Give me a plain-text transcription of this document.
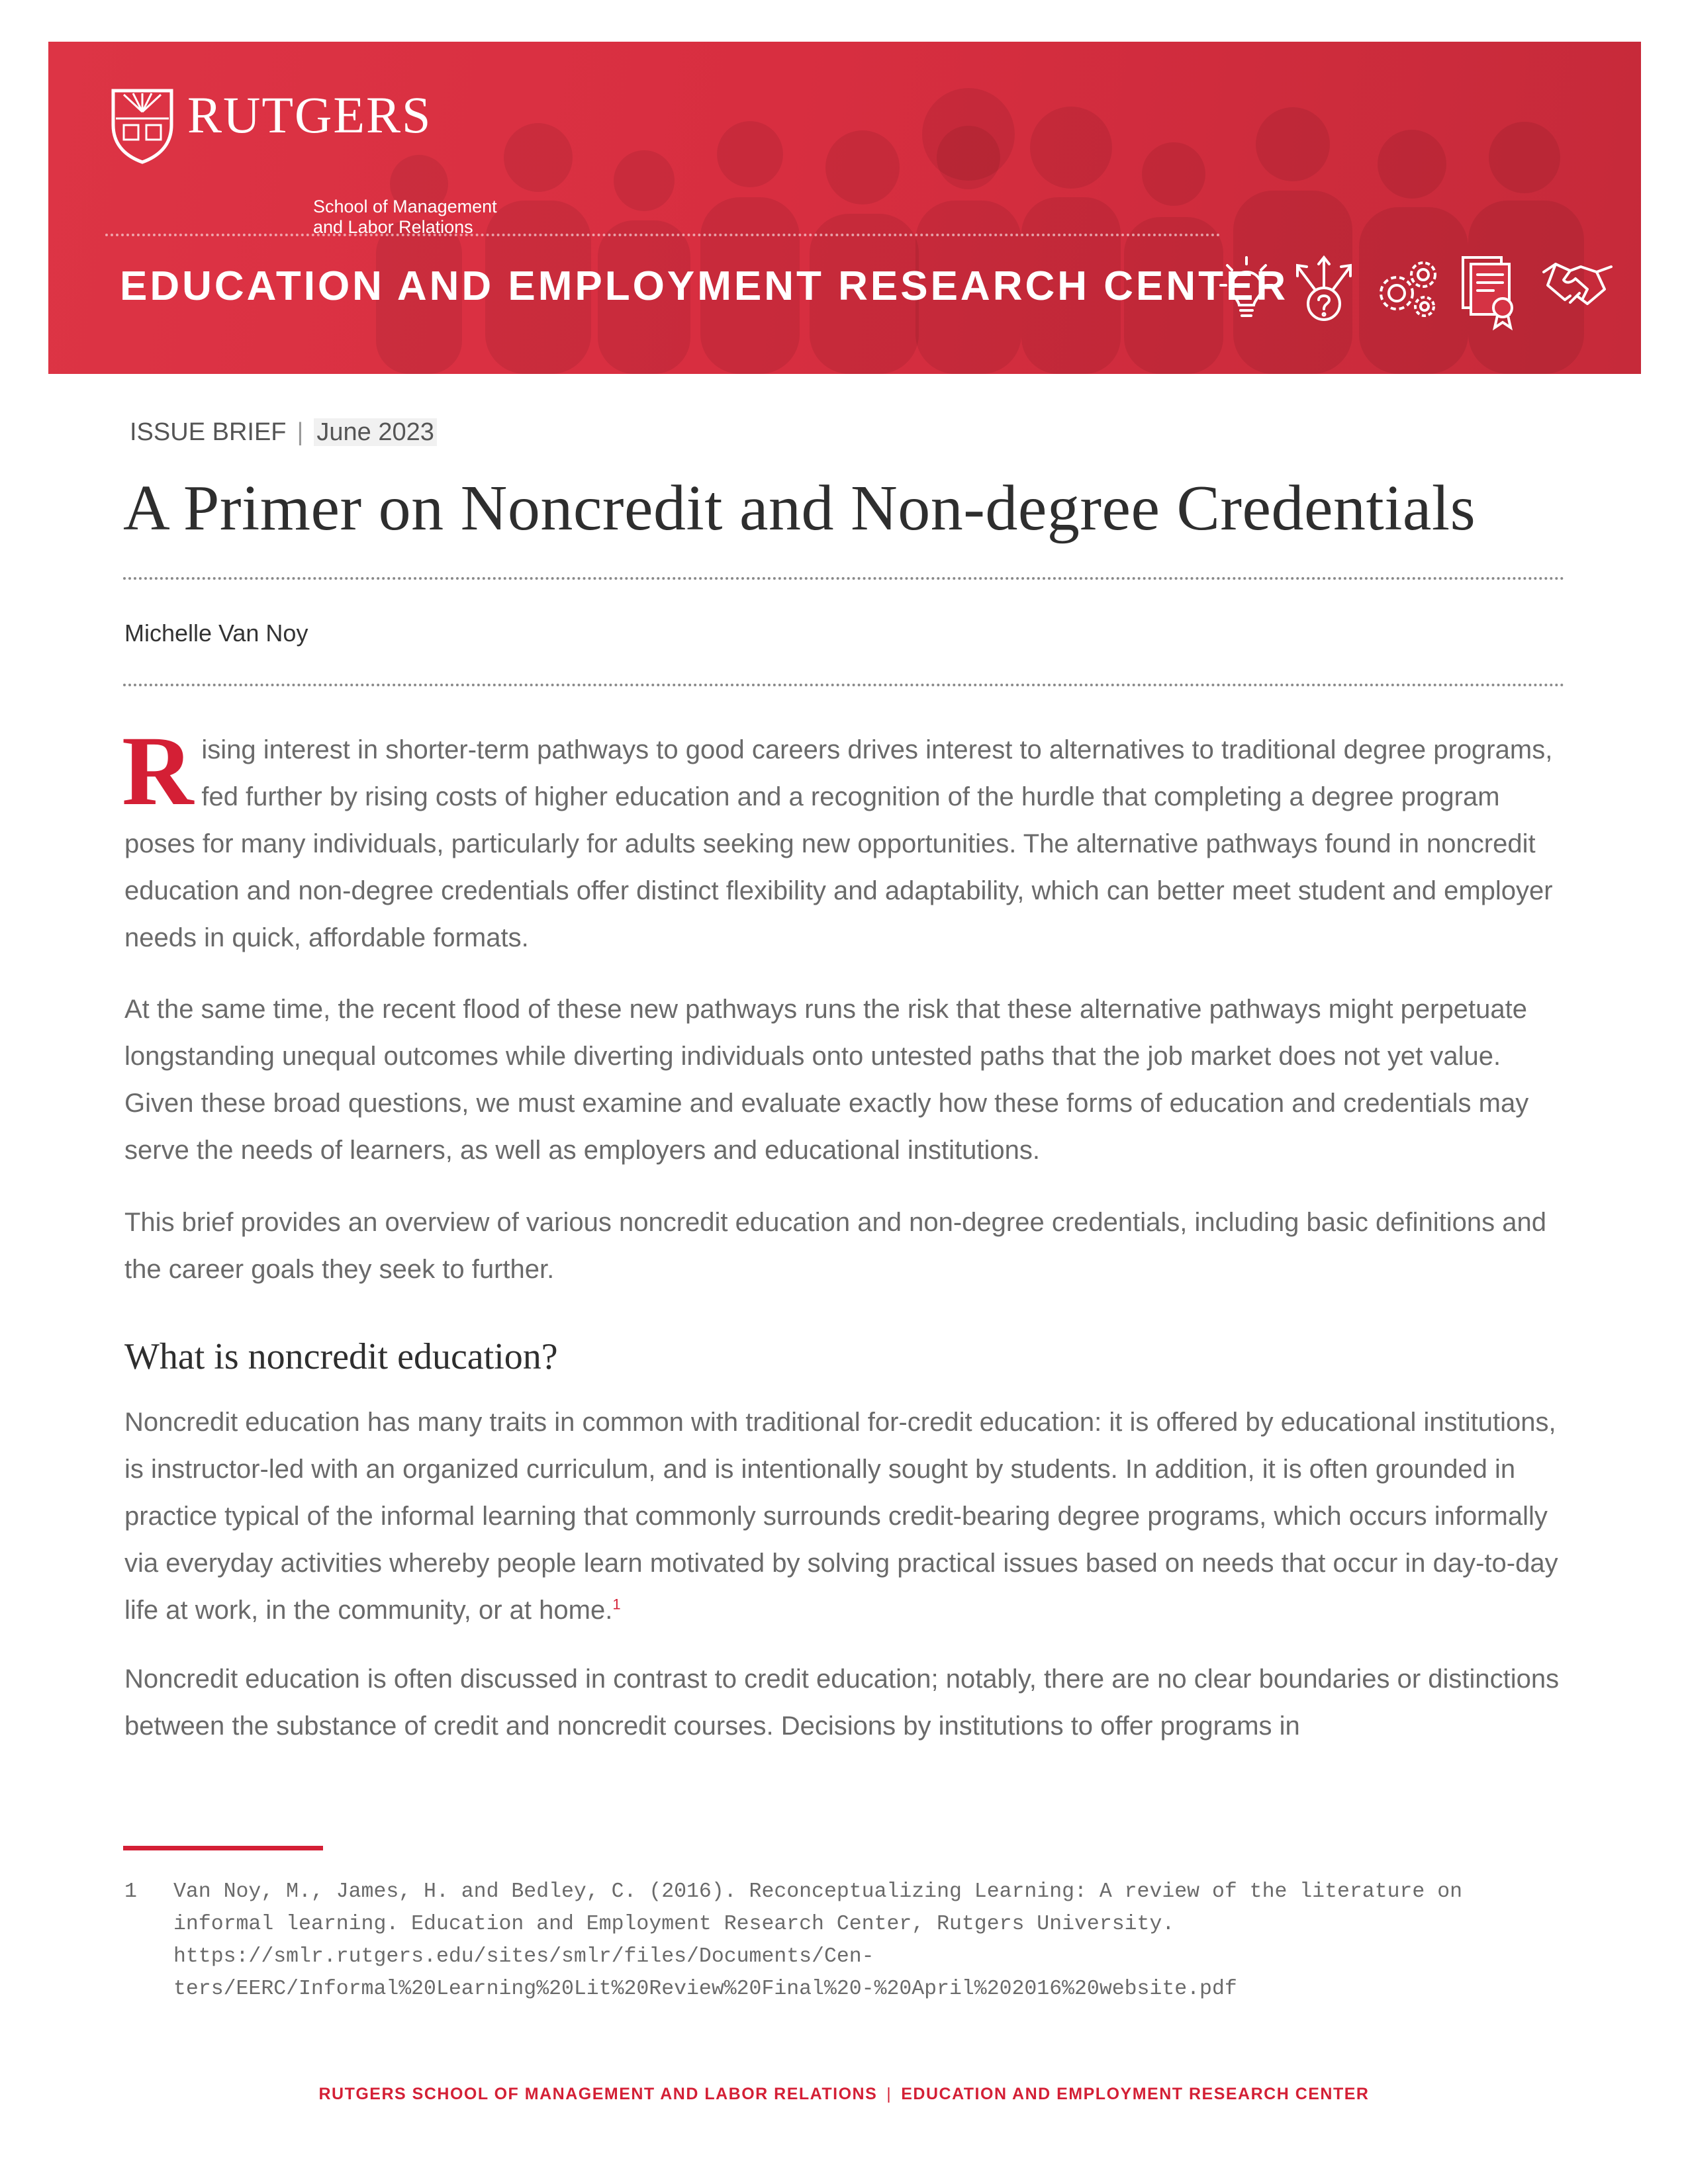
RUTGERS
School of Management
and Labor Relations
EDUCATION AND EMPLOYMENT RESEARCH CENTER
ISSUE BRIEF | June 2023
A Primer on Noncredit and Non-degree Credentials
Michelle Van Noy

Rising interest in shorter-term pathways to good careers drives interest to alternatives to traditional degree programs, fed further by rising costs of higher education and a recognition of the hurdle that completing a degree program poses for many individuals, particularly for adults seeking new opportunities. The alternative pathways found in noncredit education and non-degree credentials offer distinct flexibility and adaptability, which can better meet student and employer needs in quick, affordable formats.

At the same time, the recent flood of these new pathways runs the risk that these alternative pathways might perpetuate longstanding unequal outcomes while diverting individuals onto untested paths that the job market does not yet value. Given these broad questions, we must examine and evaluate exactly how these forms of education and credentials may serve the needs of learners, as well as employers and educational institutions.

This brief provides an overview of various noncredit education and non-degree credentials, including basic definitions and the career goals they seek to further.

What is noncredit education?

Noncredit education has many traits in common with traditional for-credit education: it is offered by educational institutions, is instructor-led with an organized curriculum, and is intentionally sought by students. In addition, it is often grounded in practice typical of the informal learning that commonly surrounds credit-bearing degree programs, which occurs informally via everyday activities whereby people learn motivated by solving practical issues based on needs that occur in day-to-day life at work, in the community, or at home.$^1$

Noncredit education is often discussed in contrast to credit education; notably, there are no clear boundaries or distinctions between the substance of credit and noncredit courses. Decisions by institutions to offer programs in

1 Van Noy, M., James, H. and Bedley, C. (2016). Reconceptualizing Learning: A review of the literature on informal learning. Education and Employment Research Center, Rutgers University. https://smlr.rutgers.edu/sites/smlr/files/Documents/Cen-ters/EERC/Informal%20Learning%20Lit%20Review%20Final%20-%20April%202016%20website.pdf
RUTGERS SCHOOL OF MANAGEMENT AND LABOR RELATIONS | EDUCATION AND EMPLOYMENT RESEARCH CENTER
